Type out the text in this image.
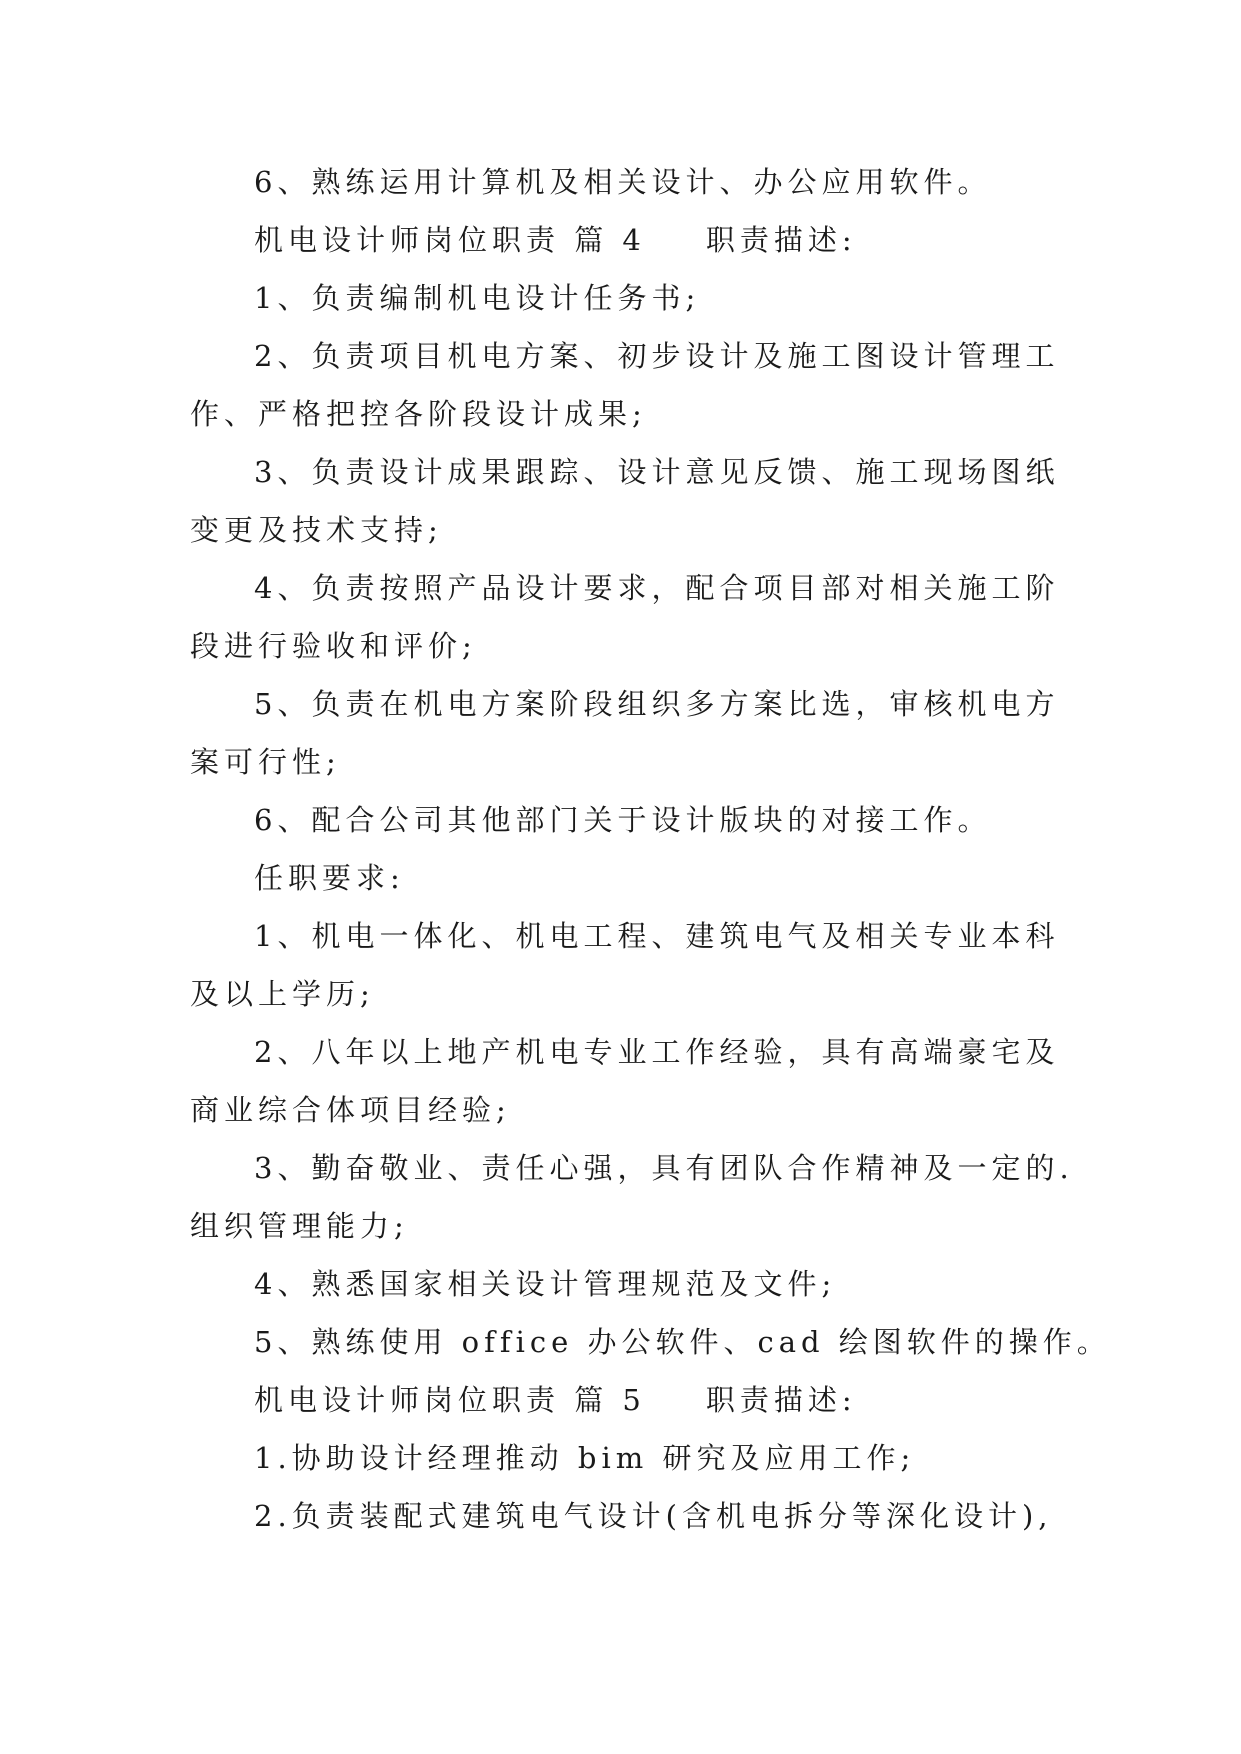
6、熟练运用计算机及相关设计、办公应用软件。
机电设计师岗位职责 篇 4 职责描述:
1、负责编制机电设计任务书;
2、负责项目机电方案、初步设计及施工图设计管理工
作、严格把控各阶段设计成果;
3、负责设计成果跟踪、设计意见反馈、施工现场图纸
变更及技术支持;
4、负责按照产品设计要求，配合项目部对相关施工阶
段进行验收和评价;
5、负责在机电方案阶段组织多方案比选，审核机电方
案可行性;
6、配合公司其他部门关于设计版块的对接工作。
任职要求:
1、机电一体化、机电工程、建筑电气及相关专业本科
及以上学历;
2、八年以上地产机电专业工作经验，具有高端豪宅及
商业综合体项目经验;
3、勤奋敬业、责任心强，具有团队合作精神及一定的.
组织管理能力;
4、熟悉国家相关设计管理规范及文件;
5、熟练使用 office 办公软件、cad 绘图软件的操作。
机电设计师岗位职责 篇 5 职责描述:
1.协助设计经理推动 bim 研究及应用工作;
2.负责装配式建筑电气设计(含机电拆分等深化设计),
